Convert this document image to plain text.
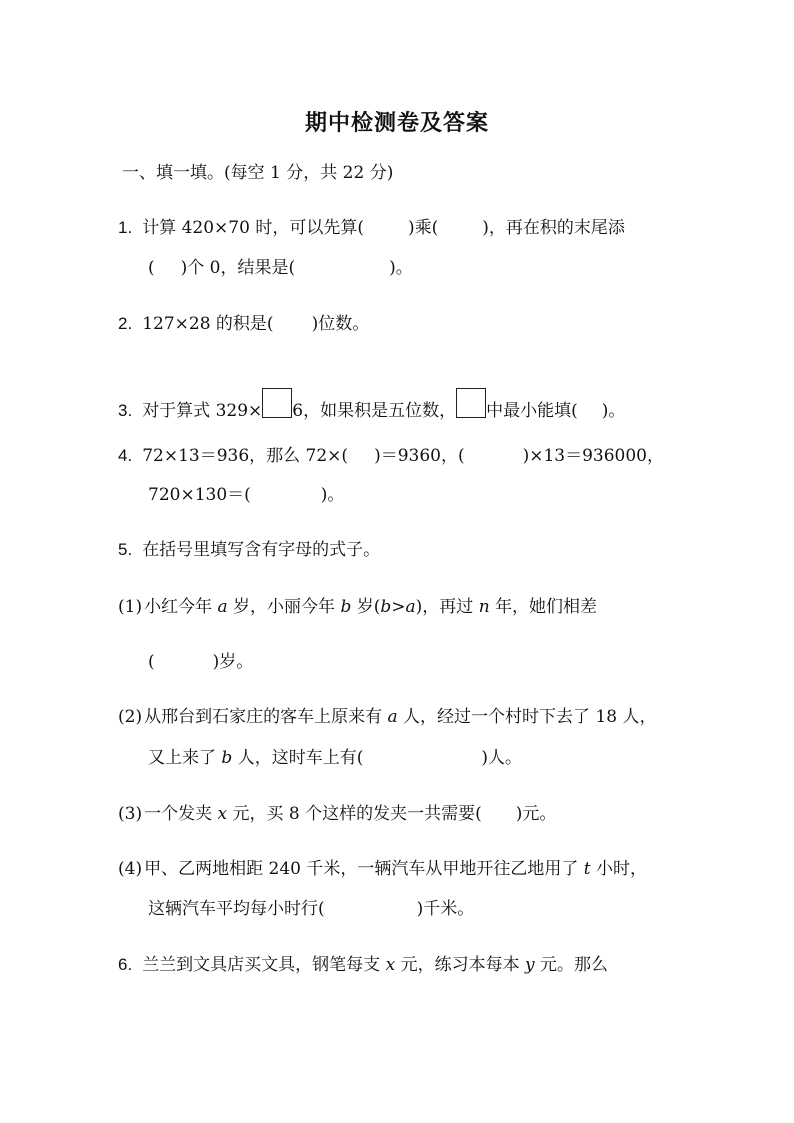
期中检测卷及答案
一、填一填。(每空 1 分，共 22 分)
1. 计算 420×70 时，可以先算(	)乘(	)，再在积的末尾添
( )个 0，结果是(	)。
2. 127×28 的积是( )位数。
3. 对于算式 329× 6，如果积是五位数， 中最小能填( )。
4. 72×13＝936，那么 72×( )＝9360，(	)×13＝936000，
720×130＝(	)。
5. 在括号里填写含有字母的式子。
(1) 小红今年 a 岁，小丽今年 b 岁(b>a)，再过 n 年，她们相差
(	)岁。
(2) 从邢台到石家庄的客车上原来有 a 人，经过一个村时下去了 18 人，
又上来了 b 人，这时车上有(	)人。
(3) 一个发夹 x 元，买 8 个这样的发夹一共需要( )元。
(4) 甲、乙两地相距 240 千米，一辆汽车从甲地开往乙地用了 t 小时，
这辆汽车平均每小时行(	)千米。
6. 兰兰到文具店买文具，钢笔每支 x 元，练习本每本 y 元。那么
